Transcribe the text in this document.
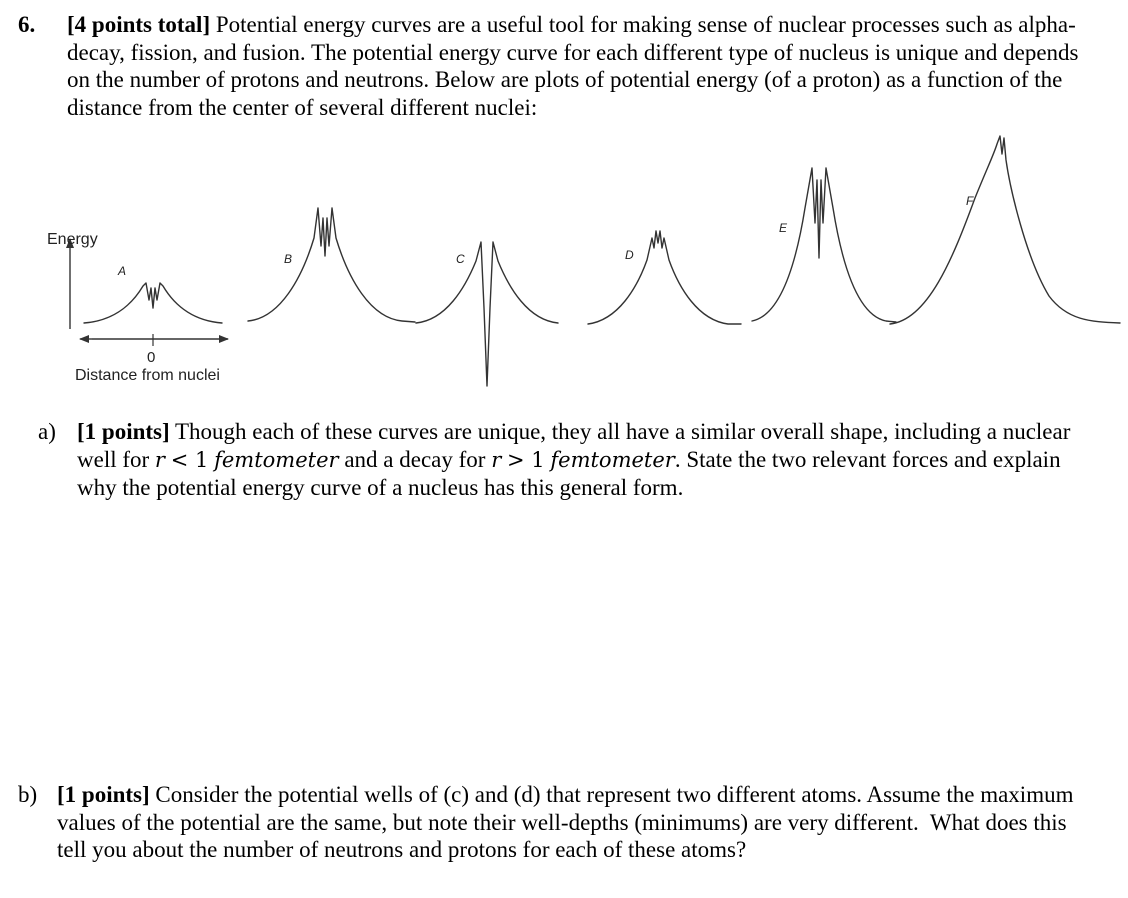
6. [4 points total] Potential energy curves are a useful tool for making sense of nuclear processes such as alpha-decay, fission, and fusion. The potential energy curve for each different type of nucleus is unique and depends on the number of protons and neutrons. Below are plots of potential energy (of a proton) as a function of the distance from the center of several different nuclei:
Energy
0
Distance from nuclei
A
B	C	D
E
F
a) [1 points] Though each of these curves are unique, they all have a similar overall shape, including a nuclear well for r < 1 femtometer and a decay for r > 1 femtometer. State the two relevant forces and explain why the potential energy curve of a nucleus has this general form.
b) [1 points] Consider the potential wells of (c) and (d) that represent two different atoms. Assume the maximum values of the potential are the same, but note their well-depths (minimums) are very different. What does this tell you about the number of neutrons and protons for each of these atoms?
